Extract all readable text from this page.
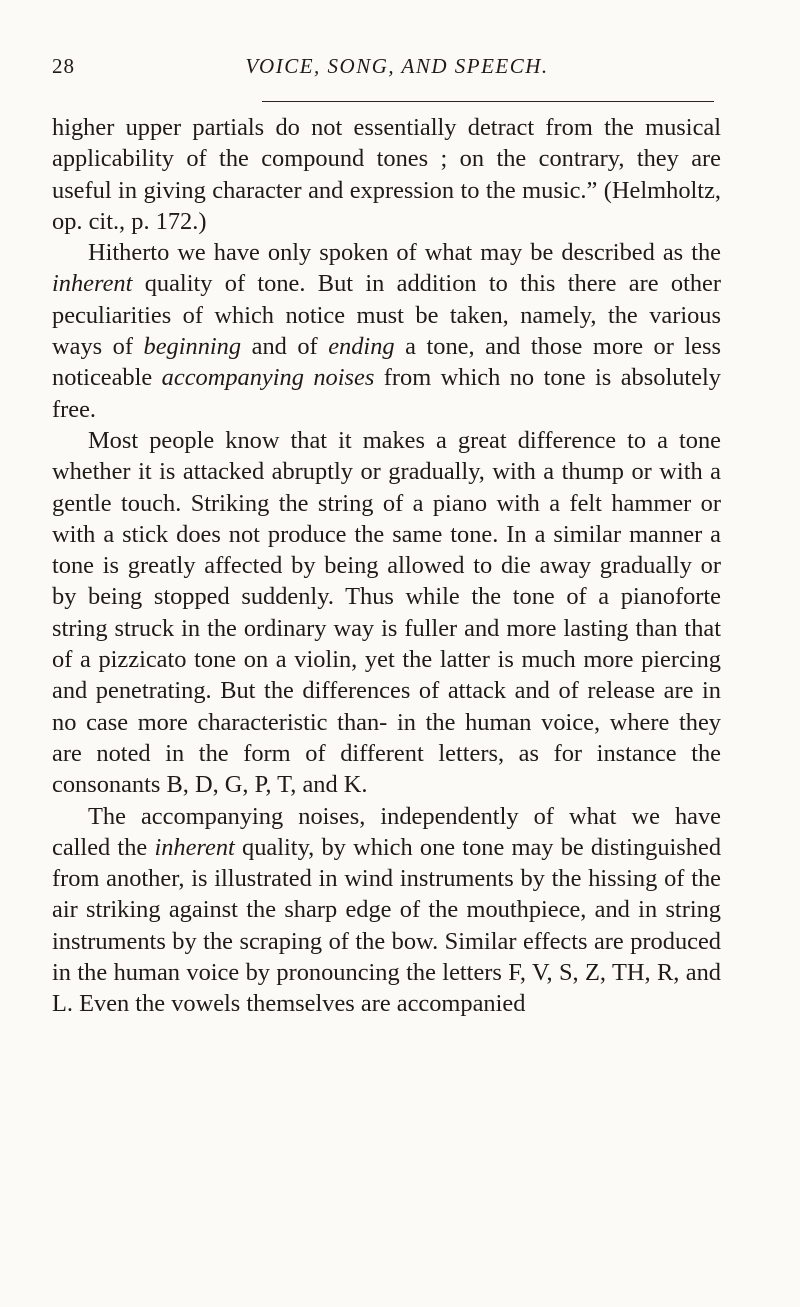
28	VOICE, SONG, AND SPEECH.

higher upper partials do not essentially detract from the musical applicability of the compound tones ; on the contrary, they are useful in giving character and expression to the music.” (Helmholtz, op. cit., p. 172.)

Hitherto we have only spoken of what may be described as the inherent quality of tone. But in addition to this there are other peculiarities of which notice must be taken, namely, the various ways of beginning and of ending a tone, and those more or less noticeable accompanying noises from which no tone is absolutely free.

Most people know that it makes a great difference to a tone whether it is attacked abruptly or gradually, with a thump or with a gentle touch. Striking the string of a piano with a felt hammer or with a stick does not produce the same tone. In a similar manner a tone is greatly affected by being allowed to die away gradually or by being stopped suddenly. Thus while the tone of a pianoforte string struck in the ordinary way is fuller and more lasting than that of a pizzicato tone on a violin, yet the latter is much more piercing and penetrating. But the differences of attack and of release are in no case more characteristic than- in the human voice, where they are noted in the form of different letters, as for instance the consonants B, D, G, P, T, and K.

The accompanying noises, independently of what we have called the inherent quality, by which one tone may be distinguished from another, is illustrated in wind instruments by the hissing of the air striking against the sharp edge of the mouthpiece, and in string instruments by the scraping of the bow. Similar effects are produced in the human voice by pronouncing the letters F, V, S, Z, TH, R, and L. Even the vowels themselves are accompanied
